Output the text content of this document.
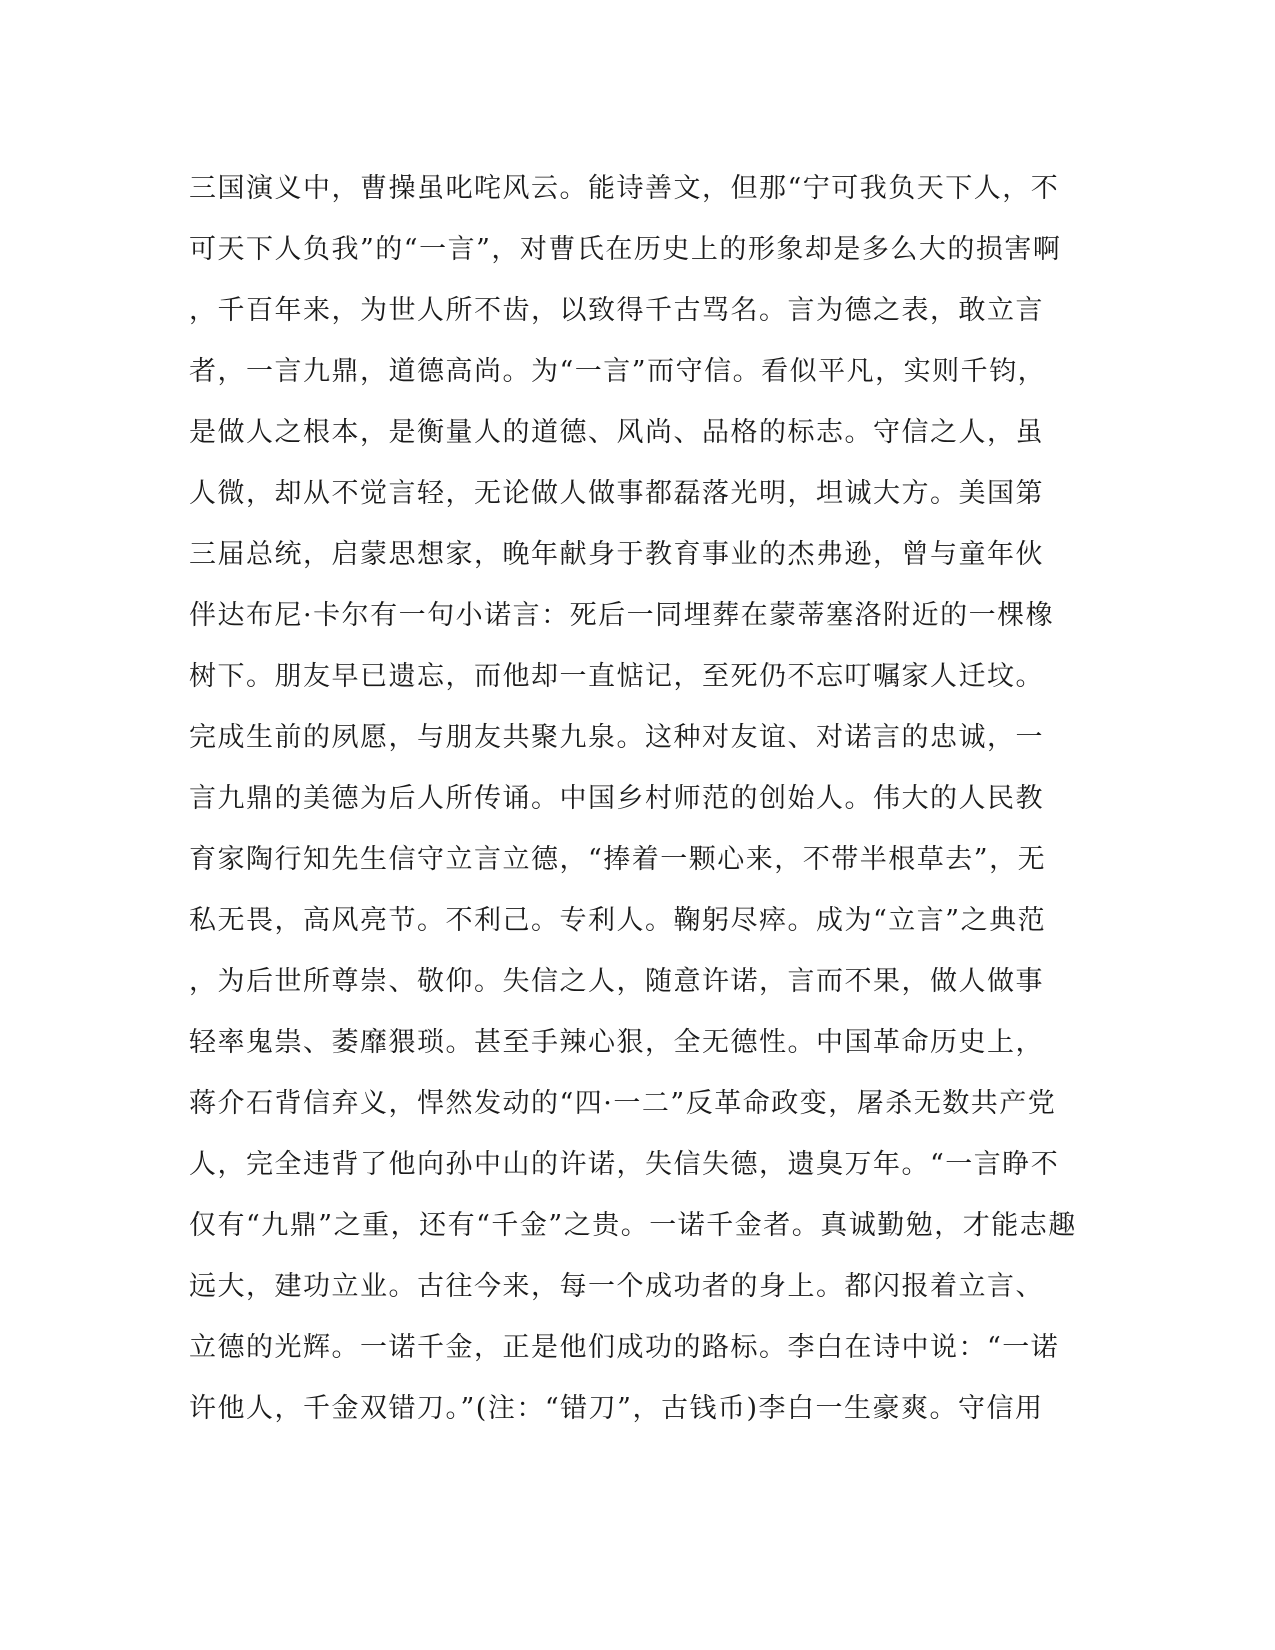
三国演义中，曹操虽叱咤风云。能诗善文，但那“宁可我负天下人，不
可天下人负我”的“一言”，对曹氏在历史上的形象却是多么大的损害啊
，千百年来，为世人所不齿，以致得千古骂名。言为德之表，敢立言
者，一言九鼎，道德高尚。为“一言”而守信。看似平凡，实则千钧，
是做人之根本，是衡量人的道德、风尚、品格的标志。守信之人，虽
人微，却从不觉言轻，无论做人做事都磊落光明，坦诚大方。美国第
三届总统，启蒙思想家，晚年献身于教育事业的杰弗逊，曾与童年伙
伴达布尼·卡尔有一句小诺言：死后一同埋葬在蒙蒂塞洛附近的一棵橡
树下。朋友早已遗忘，而他却一直惦记，至死仍不忘叮嘱家人迁坟。
完成生前的夙愿，与朋友共聚九泉。这种对友谊、对诺言的忠诚，一
言九鼎的美德为后人所传诵。中国乡村师范的创始人。伟大的人民教
育家陶行知先生信守立言立德，“捧着一颗心来，不带半根草去”，无
私无畏，高风亮节。不利己。专利人。鞠躬尽瘁。成为“立言”之典范
，为后世所尊崇、敬仰。失信之人，随意许诺，言而不果，做人做事
轻率鬼祟、萎靡猥琐。甚至手辣心狠，全无德性。中国革命历史上，
蒋介石背信弃义，悍然发动的“四·一二”反革命政变，屠杀无数共产党
人，完全违背了他向孙中山的许诺，失信失德，遗臭万年。“一言睁不
仅有“九鼎”之重，还有“千金”之贵。一诺千金者。真诚勤勉，才能志趣
远大，建功立业。古往今来，每一个成功者的身上。都闪报着立言、
立德的光辉。一诺千金，正是他们成功的路标。李白在诗中说：“一诺
许他人，千金双错刀。”(注：“错刀”，古钱币)李白一生豪爽。守信用
